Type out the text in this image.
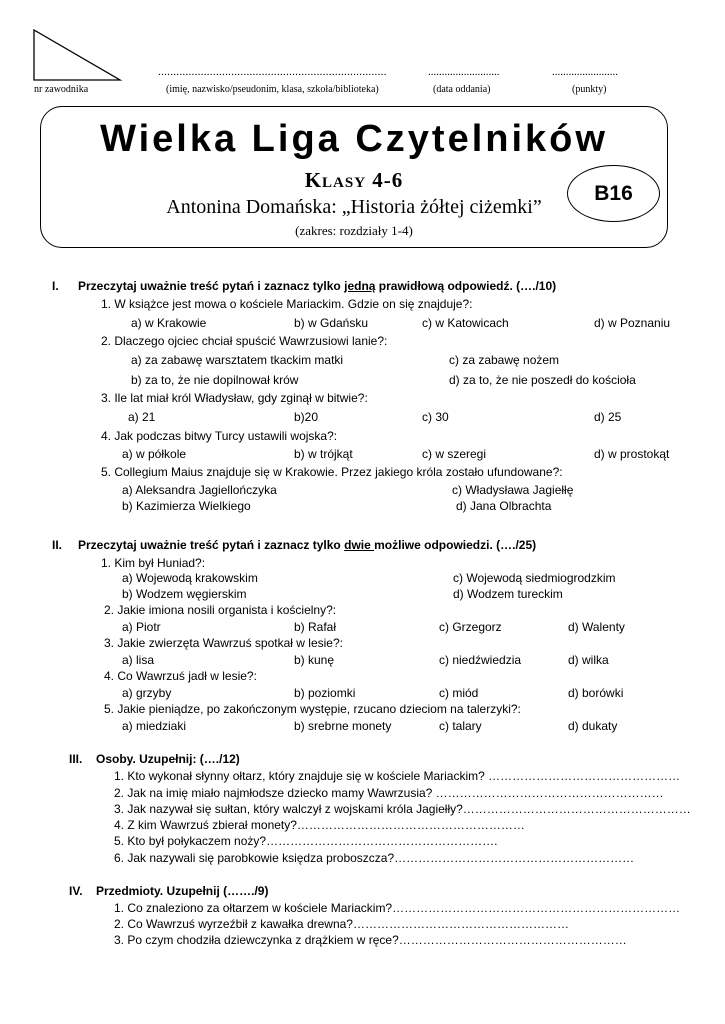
...........................................................................	..........................	........................
nr zawodnika	(imię, nazwisko/pseudonim, klasa, szkoła/biblioteka)	(data oddania)	(punkty)
Wielka Liga Czytelników
Klasy 4-6
Antonina Domańska: „Historia żółtej ciżemki”
(zakres: rozdziały 1-4)
B16
I. Przeczytaj uważnie treść pytań i zaznacz tylko jedną prawidłową odpowiedź. (…./10)
1. W książce jest mowa o kościele Mariackim. Gdzie on się znajduje?:
a) w Krakowie	b) w Gdańsku	c) w Katowicach	d) w Poznaniu
2. Dlaczego ojciec chciał spuścić Wawrzusiowi lanie?:
a) za zabawę warsztatem tkackim matki	c) za zabawę nożem
b) za to, że nie dopilnował krów	d) za to, że nie poszedł do kościoła
3. Ile lat miał król Władysław, gdy zginął w bitwie?:
a) 21	b)20	c) 30	d) 25
4. Jak podczas bitwy Turcy ustawili wojska?:
a) w półkole	b) w trójkąt	c) w szeregi	d) w prostokąt
5. Collegium Maius znajduje się w Krakowie. Przez jakiego króla zostało ufundowane?:
a) Aleksandra Jagiellończyka	c) Władysława Jagiełłę
b) Kazimierza Wielkiego	d) Jana Olbrachta
II. Przeczytaj uważnie treść pytań i zaznacz tylko dwie możliwe odpowiedzi. (…./25)
1. Kim był Huniad?:
a) Wojewodą krakowskim	c) Wojewodą siedmiogrodzkim
b) Wodzem węgierskim	d) Wodzem tureckim
2. Jakie imiona nosili organista i kościelny?:
a) Piotr	b) Rafał	c) Grzegorz	d) Walenty
3. Jakie zwierzęta Wawrzuś spotkał w lesie?:
a) lisa	b) kunę	c) niedźwiedzia	d) wilka
4. Co Wawrzuś jadł w lesie?:
a) grzyby	b) poziomki	c) miód	d) borówki
5. Jakie pieniądze, po zakończonym występie, rzucano dzieciom na talerzyki?:
a) miedziaki	b) srebrne monety	c) talary	d) dukaty
III. Osoby. Uzupełnij: (…./12)
1. Kto wykonał słynny ołtarz, który znajduje się w kościele Mariackim? …………………………………………
2. Jak na imię miało najmłodsze dziecko mamy Wawrzusia? …………………………………………………
3. Jak nazywał się sułtan, który walczył z wojskami króla Jagiełły?…………………………………………………
4. Z kim Wawrzuś zbierał monety?…………………………………………………
5. Kto był połykaczem noży?………………………………………………….
6. Jak nazywali się parobkowie księdza proboszcza?……………………………………………………
IV. Przedmioty. Uzupełnij (……./9)
1. Co znaleziono za ołtarzem w kościele Mariackim?………………………………………………………………
2. Co Wawrzuś wyrzeźbił z kawałka drewna?………………………………………………
3. Po czym chodziła dziewczynka z drążkiem w ręce?…………………………………………………
